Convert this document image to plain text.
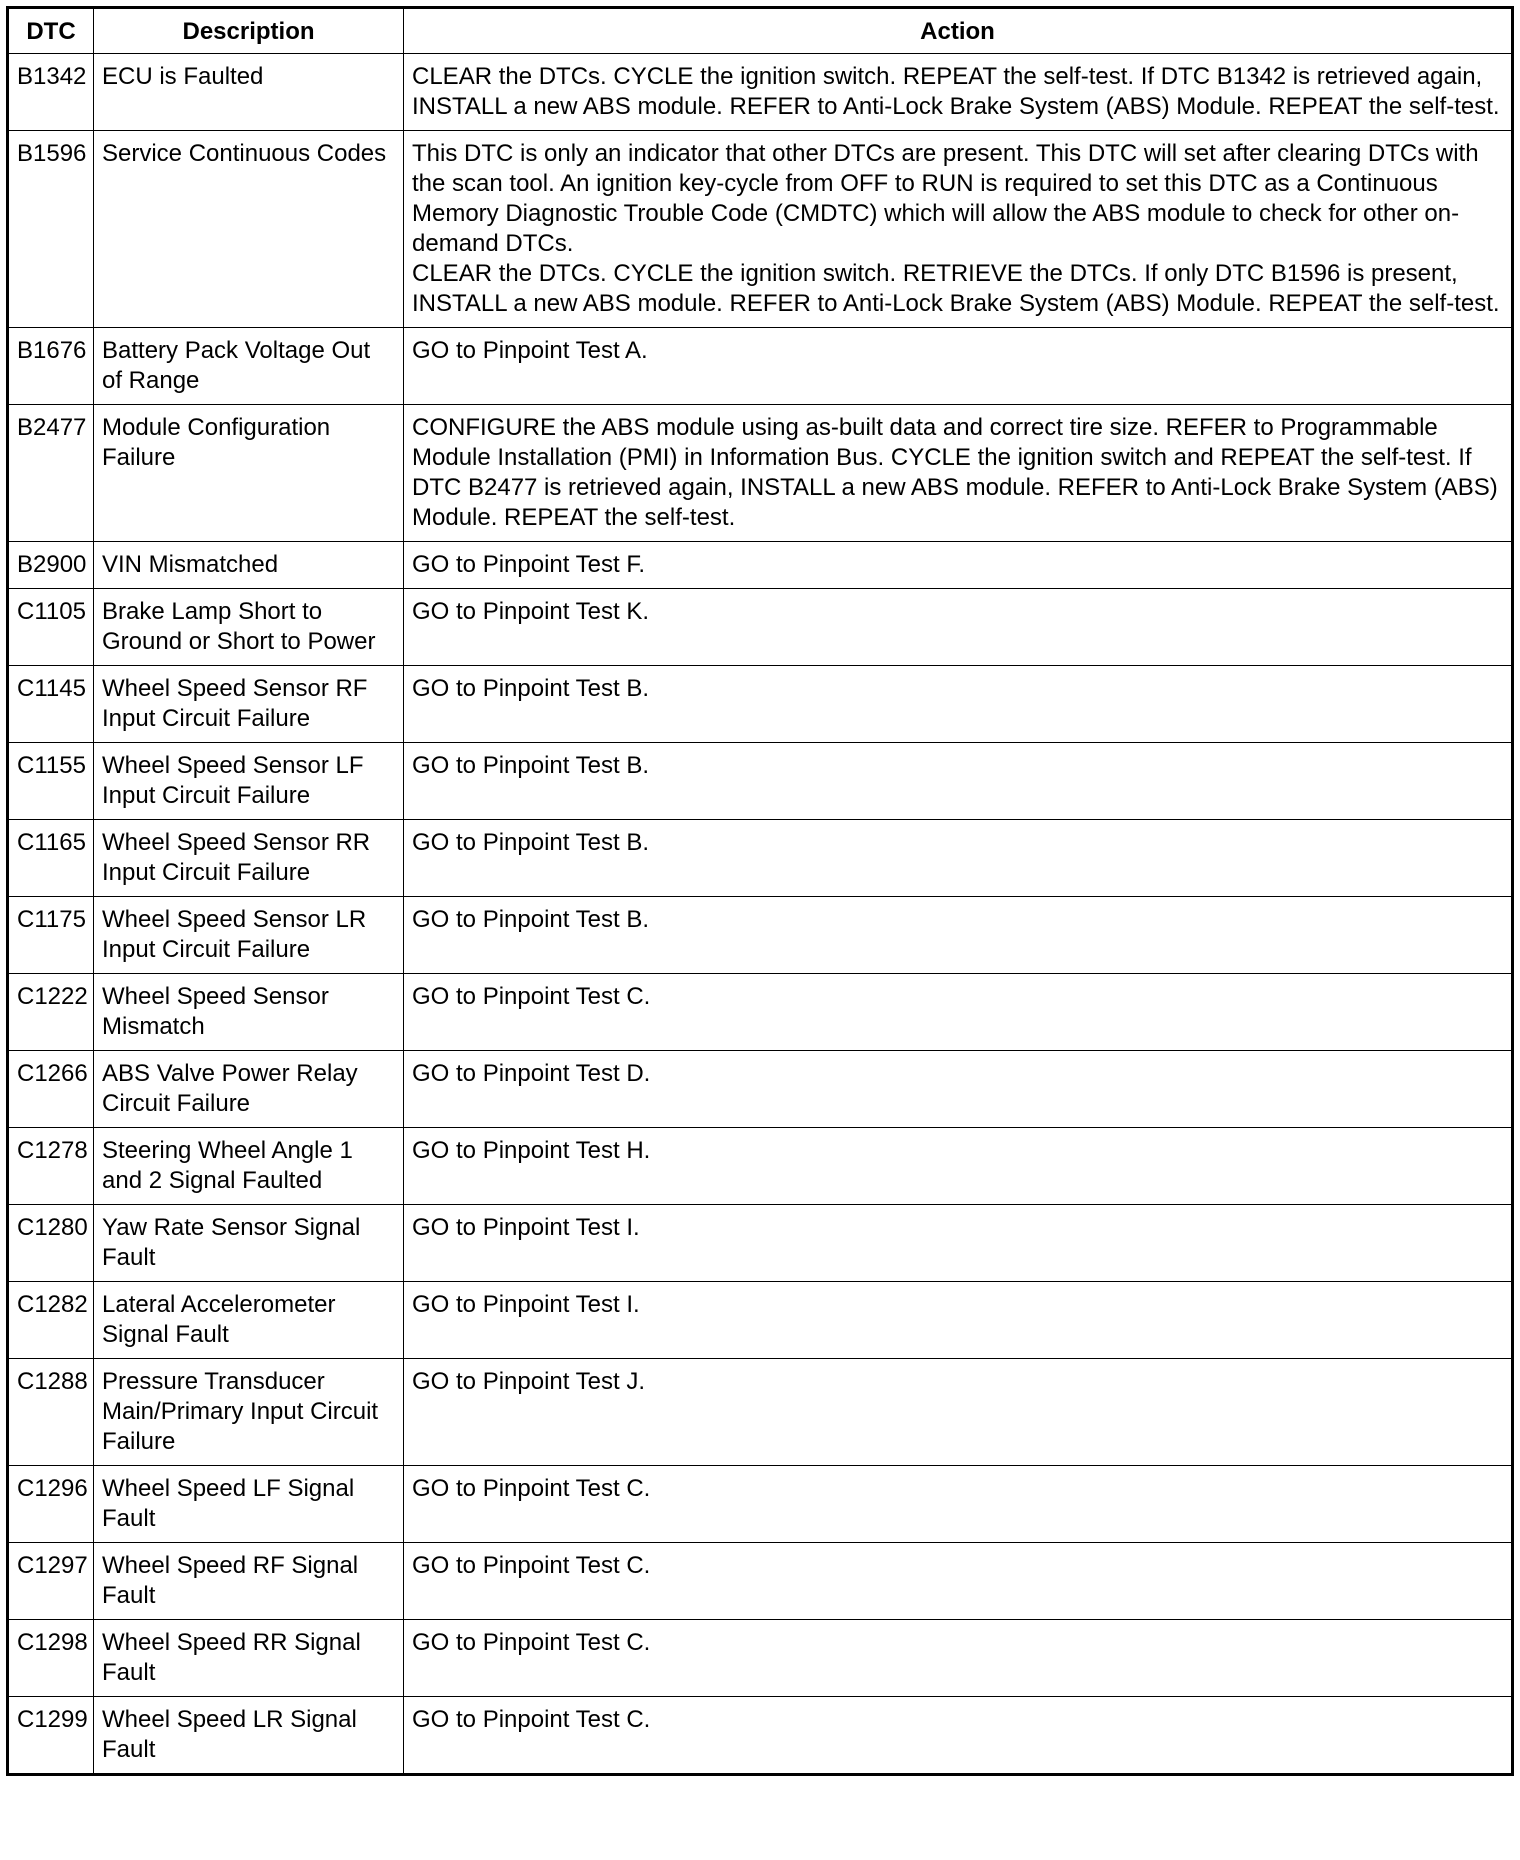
DTC	Description	Action
B1342	ECU is Faulted	CLEAR the DTCs. CYCLE the ignition switch. REPEAT the self-test. If DTC B1342 is retrieved again, INSTALL a new ABS module. REFER to Anti-Lock Brake System (ABS) Module. REPEAT the self-test.

B1596	Service Continuous Codes	This DTC is only an indicator that other DTCs are present. This DTC will set after clearing DTCs with the scan tool. An ignition key-cycle from OFF to RUN is required to set this DTC as a Continuous Memory Diagnostic Trouble Code (CMDTC) which will allow the ABS module to check for other on-demand DTCs.
CLEAR the DTCs. CYCLE the ignition switch. RETRIEVE the DTCs. If only DTC B1596 is present, INSTALL a new ABS module. REFER to Anti-Lock Brake System (ABS) Module. REPEAT the self-test.

B1676	Battery Pack Voltage Out of Range	GO to Pinpoint Test A.

B2477	Module Configuration Failure	CONFIGURE the ABS module using as-built data and correct tire size. REFER to Programmable Module Installation (PMI) in Information Bus. CYCLE the ignition switch and REPEAT the self-test. If DTC B2477 is retrieved again, INSTALL a new ABS module. REFER to Anti-Lock Brake System (ABS) Module. REPEAT the self-test.

B2900	VIN Mismatched	GO to Pinpoint Test F.

C1105	Brake Lamp Short to Ground or Short to Power	GO to Pinpoint Test K.

C1145	Wheel Speed Sensor RF Input Circuit Failure	GO to Pinpoint Test B.

C1155	Wheel Speed Sensor LF Input Circuit Failure	GO to Pinpoint Test B.

C1165	Wheel Speed Sensor RR Input Circuit Failure	GO to Pinpoint Test B.

C1175	Wheel Speed Sensor LR Input Circuit Failure	GO to Pinpoint Test B.

C1222	Wheel Speed Sensor Mismatch	GO to Pinpoint Test C.

C1266	ABS Valve Power Relay Circuit Failure	GO to Pinpoint Test D.

C1278	Steering Wheel Angle 1 and 2 Signal Faulted	GO to Pinpoint Test H.

C1280	Yaw Rate Sensor Signal Fault	GO to Pinpoint Test I.

C1282	Lateral Accelerometer Signal Fault	GO to Pinpoint Test I.

C1288	Pressure Transducer Main/Primary Input Circuit Failure	GO to Pinpoint Test J.

C1296	Wheel Speed LF Signal Fault	GO to Pinpoint Test C.

C1297	Wheel Speed RF Signal Fault	GO to Pinpoint Test C.

C1298	Wheel Speed RR Signal Fault	GO to Pinpoint Test C.

C1299	Wheel Speed LR Signal Fault	GO to Pinpoint Test C.
